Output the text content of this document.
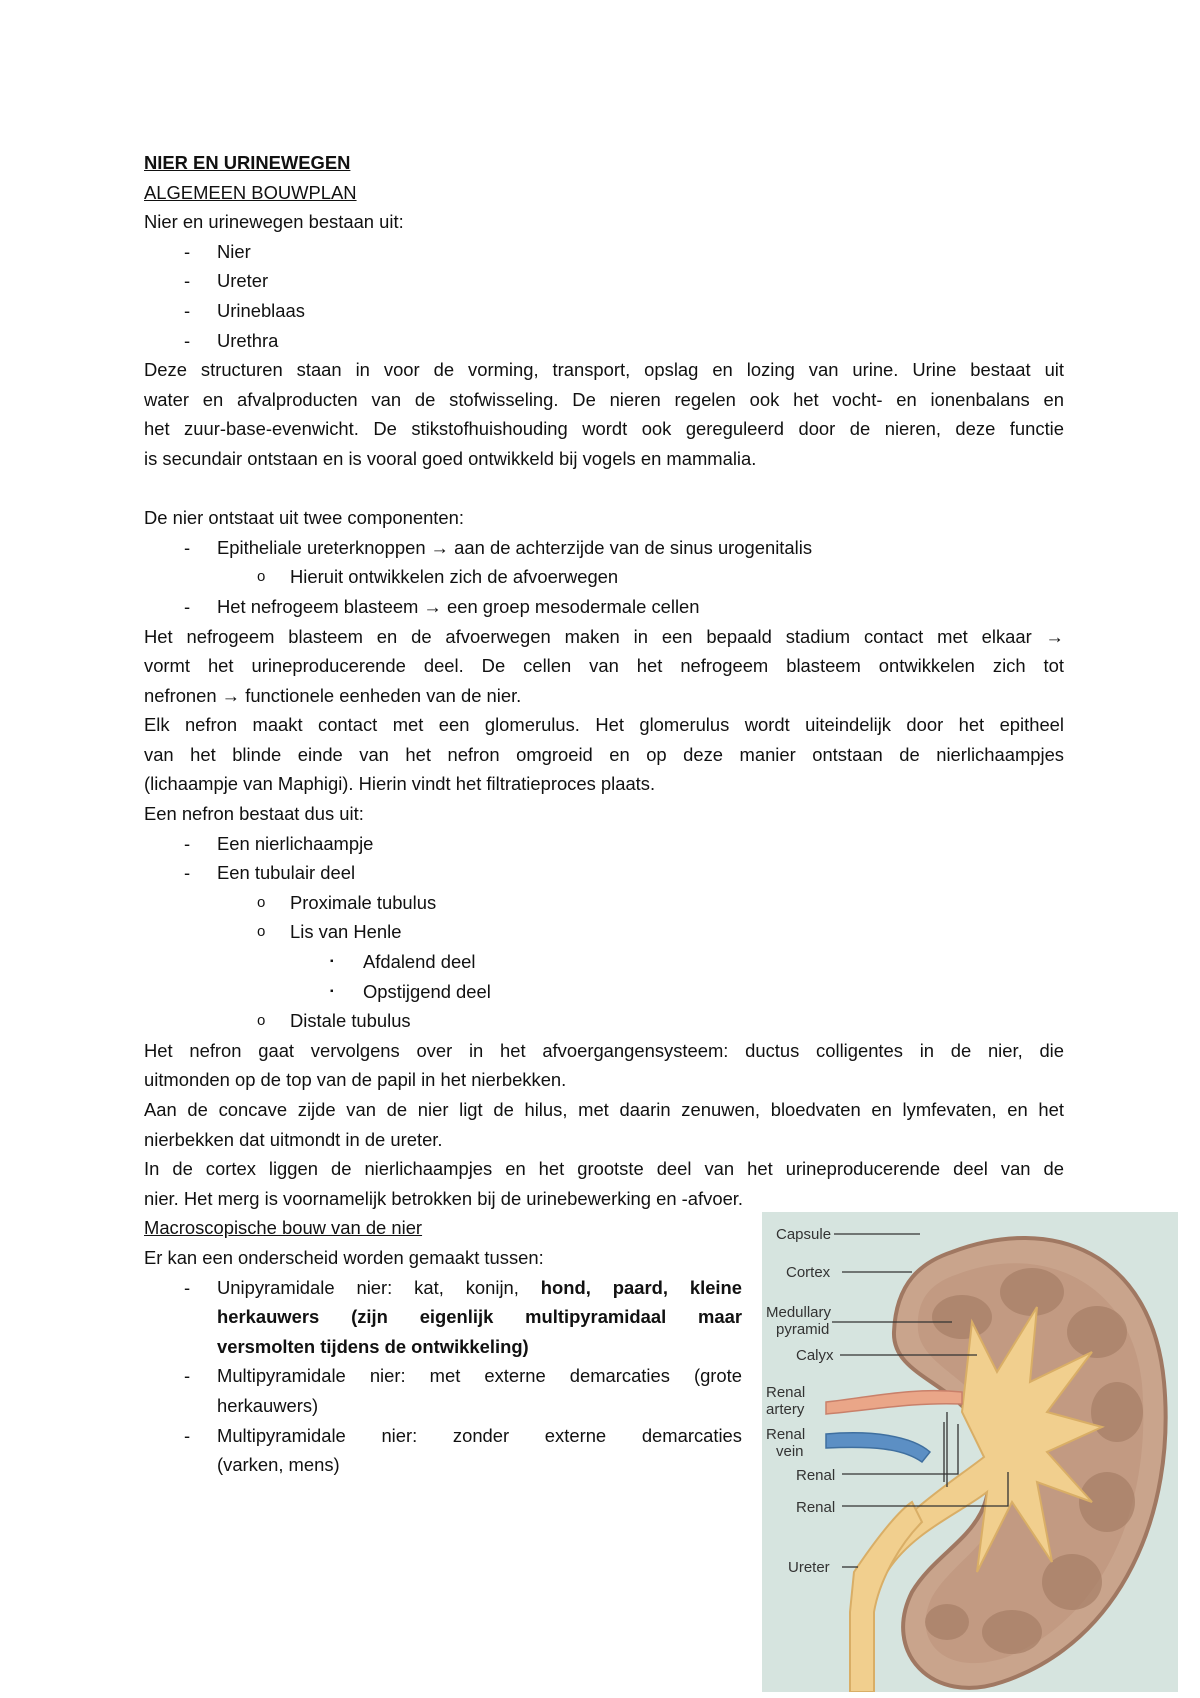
NIER EN URINEWEGEN
ALGEMEEN BOUWPLAN
Nier en urinewegen bestaan uit:
- Nier
- Ureter
- Urineblaas
- Urethra
Deze structuren staan in voor de vorming, transport, opslag en lozing van urine. Urine bestaat uit
water en afvalproducten van de stofwisseling. De nieren regelen ook het vocht- en ionenbalans en
het zuur-base-evenwicht. De stikstofhuishouding wordt ook gereguleerd door de nieren, deze functie
is secundair ontstaan en is vooral goed ontwikkeld bij vogels en mammalia.
De nier ontstaat uit twee componenten:
- Epitheliale ureterknoppen → aan de achterzijde van de sinus urogenitalis
o Hieruit ontwikkelen zich de afvoerwegen
- Het nefrogeem blasteem → een groep mesodermale cellen
Het nefrogeem blasteem en de afvoerwegen maken in een bepaald stadium contact met elkaar →
vormt het urineproducerende deel. De cellen van het nefrogeem blasteem ontwikkelen zich tot
nefronen → functionele eenheden van de nier.
Elk nefron maakt contact met een glomerulus. Het glomerulus wordt uiteindelijk door het epitheel
van het blinde einde van het nefron omgroeid en op deze manier ontstaan de nierlichaampjes
(lichaampje van Maphigi). Hierin vindt het filtratieproces plaats.
Een nefron bestaat dus uit:
- Een nierlichaampje
- Een tubulair deel
o Proximale tubulus
o Lis van Henle
▪ Afdalend deel
▪ Opstijgend deel
o Distale tubulus
Het nefron gaat vervolgens over in het afvoergangensysteem: ductus colligentes in de nier, die
uitmonden op de top van de papil in het nierbekken.
Aan de concave zijde van de nier ligt de hilus, met daarin zenuwen, bloedvaten en lymfevaten, en het
nierbekken dat uitmondt in de ureter.
In de cortex liggen de nierlichaampjes en het grootste deel van het urineproducerende deel van de
nier. Het merg is voornamelijk betrokken bij de urinebewerking en -afvoer.
Macroscopische bouw van de nier
Er kan een onderscheid worden gemaakt tussen:
- Unipyramidale nier: kat, konijn, hond, paard, kleine
herkauwers (zijn eigenlijk multipyramidaal maar
versmolten tijdens de ontwikkeling)
- Multipyramidale nier: met externe demarcaties (grote
herkauwers)
- Multipyramidale nier: zonder externe demarcaties
(varken, mens)
Capsule
Cortex
Medullary
pyramid
Calyx
Renal
artery
Renal
vein
Renal
Renal
Ureter
